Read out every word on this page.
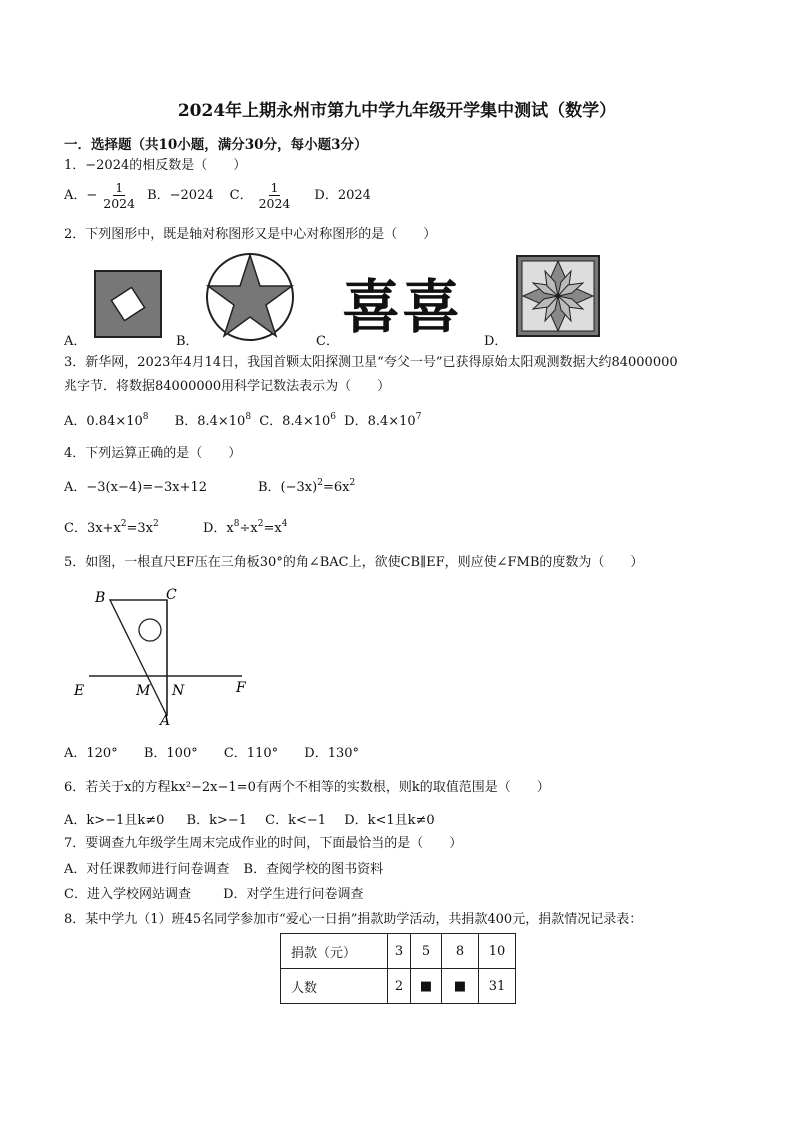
2024年上期永州市第九中学九年级开学集中测试（数学）
一．选择题（共10小题，满分30分，每小题3分）
1．−2024的相反数是（　　）
A．− $\frac{1}{2024}$ B．−2024 C． $\frac{1}{2024}$ D．2024
2．下列图形中，既是轴对称图形又是中心对称图形的是（　　）
A．	B．	C．
喜喜
D．
3．新华网，2023年4月14日，我国首颗太阳探测卫星“夸父一号”已获得原始太阳观测数据大约84000000
兆字节．将数据84000000用科学记数法表示为（　　）
A．$0.84\times 10^8$ B．$8.4\times 10^8$ C．$8.4\times 10^6$ D．$8.4\times 10^7$
4．下列运算正确的是（　　）
A．−3(x−4)=−3x+12	B．$(-3x)^2=6x^2$
C．$3x+x^2=3x^2$	D．$x^8\div x^2=x^4$
5．如图，一根直尺EF压在三角板30°的角∠BAC上，欲使CB∥EF，则应使∠FMB的度数为（　　）
B	C
E	M N	F
A
A．120° B．100° C．110° D．130°
6．若关于x的方程kx²−2x−1=0有两个不相等的实数根，则k的取值范围是（　　）
A．k>−1且k≠0 B．k>−1 C．k<−1 D．k<1且k≠0
7．要调查九年级学生周末完成作业的时间，下面最恰当的是（　　）
A．对任课教师进行问卷调查 B．查阅学校的图书资料
C．进入学校网站调查 D．对学生进行问卷调查
8．某中学九（1）班45名同学参加市“爱心一日捐”捐款助学活动，共捐款400元，捐款情况记录表：
捐款（元）	3	5	8	10
人数	2	■	■	31
